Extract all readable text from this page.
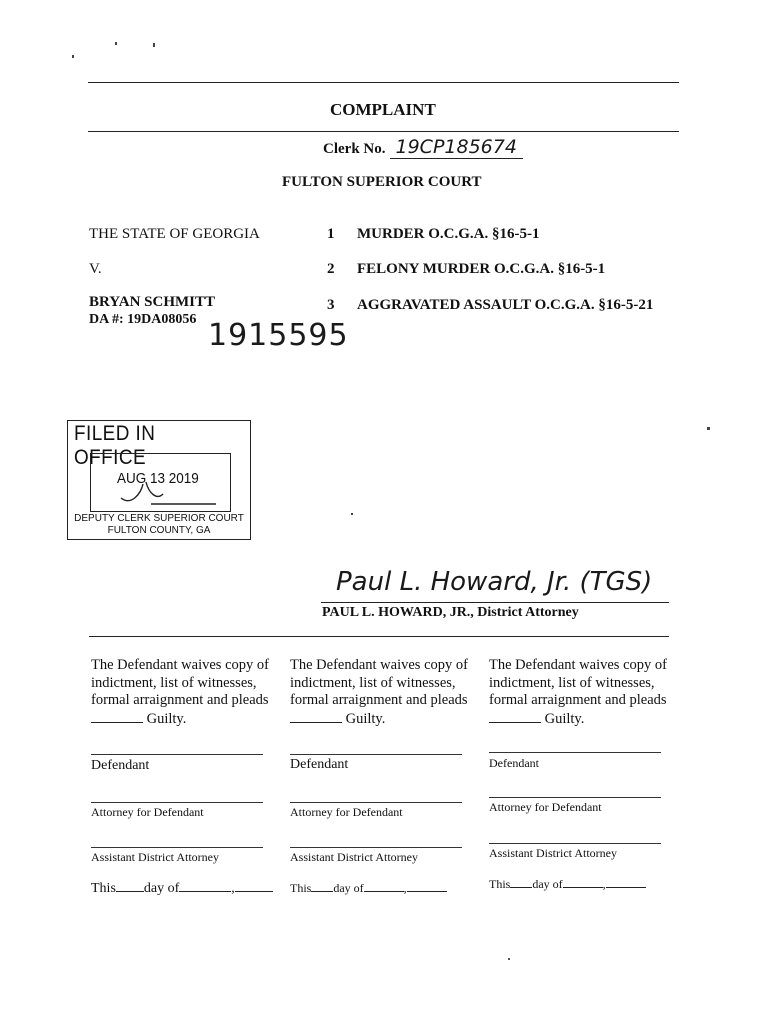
COMPLAINT
Clerk No. 19CP185674
FULTON SUPERIOR COURT
THE STATE OF GEORGIA
V.
BRYAN SCHMITT
DA #: 19DA08056 1915595
1 MURDER O.C.G.A. §16-5-1
2 FELONY MURDER O.C.G.A. §16-5-1
3 AGGRAVATED ASSAULT O.C.G.A. §16-5-21
FILED IN OFFICE
AUG 13 2019
DEPUTY CLERK SUPERIOR COURT
FULTON COUNTY, GA
Paul L. Howard, Jr. (TGS)
PAUL L. HOWARD, JR., District Attorney
The Defendant waives copy of indictment, list of witnesses, formal arraignment and pleads
Guilty.
The Defendant waives copy of indictment, list of witnesses, formal arraignment and pleads
Guilty.
The Defendant waives copy of indictment, list of witnesses, formal arraignment and pleads
Guilty.
Defendant
Attorney for Defendant
Assistant District Attorney
This day of	,
Defendant
Attorney for Defendant
Assistant District Attorney
This day of	,
Defendant
Attorney for Defendant
Assistant District Attorney
This day of	,
